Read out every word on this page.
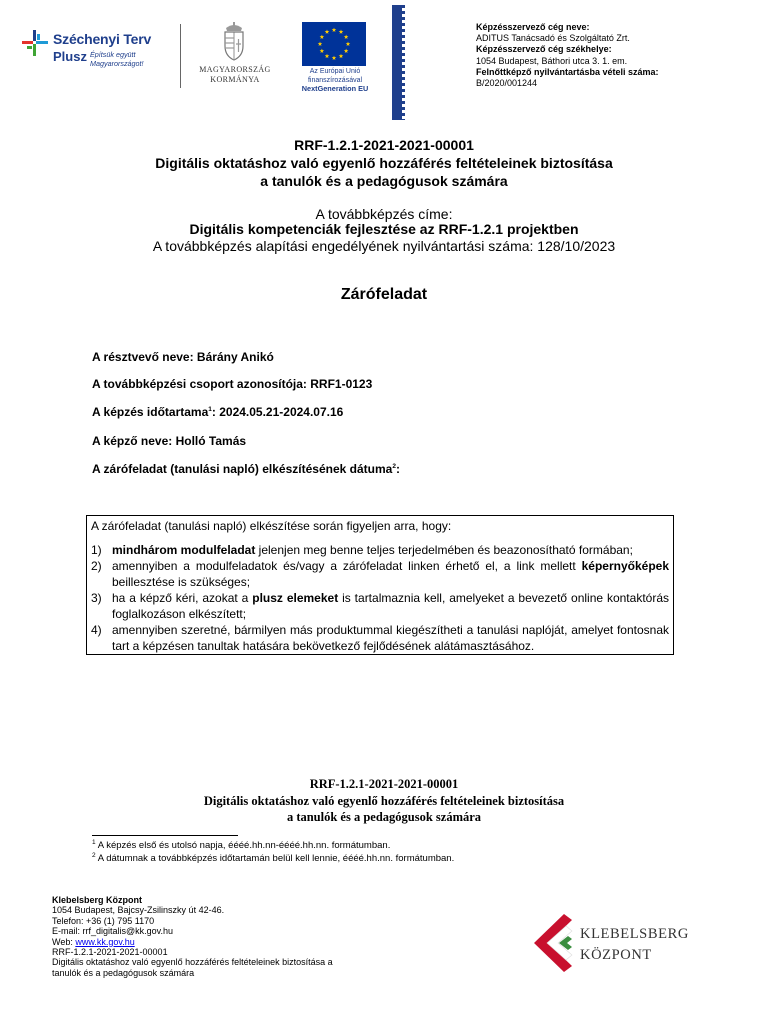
Széchenyi Terv
Plusz Építsük együtt
Magyarországot!
MAGYARORSZÁG
KORMÁNYA
Az Európai Unió
finanszírozásával
NextGeneration EU
Képzésszervező cég neve:
ADITUS Tanácsadó és Szolgáltató Zrt.
Képzésszervező cég székhelye:
1054 Budapest, Báthori utca 3. 1. em.
Felnőttképző nyilvántartásba vételi száma:
B/2020/001244
RRF-1.2.1-2021-2021-00001
Digitális oktatáshoz való egyenlő hozzáférés feltételeinek biztosítása
a tanulók és a pedagógusok számára
A továbbképzés címe:
Digitális kompetenciák fejlesztése az RRF-1.2.1 projektben
A továbbképzés alapítási engedélyének nyilvántartási száma: 128/10/2023
Zárófeladat
A résztvevő neve: Bárány Anikó
A továbbképzési csoport azonosítója: RRF1-0123
A képzés időtartama$^1$: 2024.05.21-2024.07.16
A képző neve: Holló Tamás
A zárófeladat (tanulási napló) elkészítésének dátuma$^2$:

A zárófeladat (tanulási napló) elkészítése során figyeljen arra, hogy:

1) mindhárom modulfeladat jelenjen meg benne teljes terjedelmében és beazonosítható formában;
2) amennyiben a modulfeladatok és/vagy a zárófeladat linken érhető el, a link mellett képernyőképek beillesztése is szükséges;
3) ha a képző kéri, azokat a plusz elemeket is tartalmaznia kell, amelyeket a bevezető online kontaktórás foglalkozáson elkészített;
4) amennyiben szeretné, bármilyen más produktummal kiegészítheti a tanulási naplóját, amelyet fontosnak tart a képzésen tanultak hatására bekövetkező fejlődésének alátámasztásához.
RRF-1.2.1-2021-2021-00001
Digitális oktatáshoz való egyenlő hozzáférés feltételeinek biztosítása
a tanulók és a pedagógusok számára
$^1$ A képzés első és utolsó napja, éééé.hh.nn-éééé.hh.nn. formátumban.
$^2$ A dátumnak a továbbképzés időtartamán belül kell lennie, éééé.hh.nn. formátumban.
Klebelsberg Központ
1054 Budapest, Bajcsy-Zsilinszky út 42-46.
Telefon: +36 (1) 795 1170
E-mail: rrf_digitalis@kk.gov.hu
Web: www.kk.gov.hu
RRF-1.2.1-2021-2021-00001
Digitális oktatáshoz való egyenlő hozzáférés feltételeinek biztosítása a
tanulók és a pedagógusok számára
KLEBELSBERG
KÖZPONT
